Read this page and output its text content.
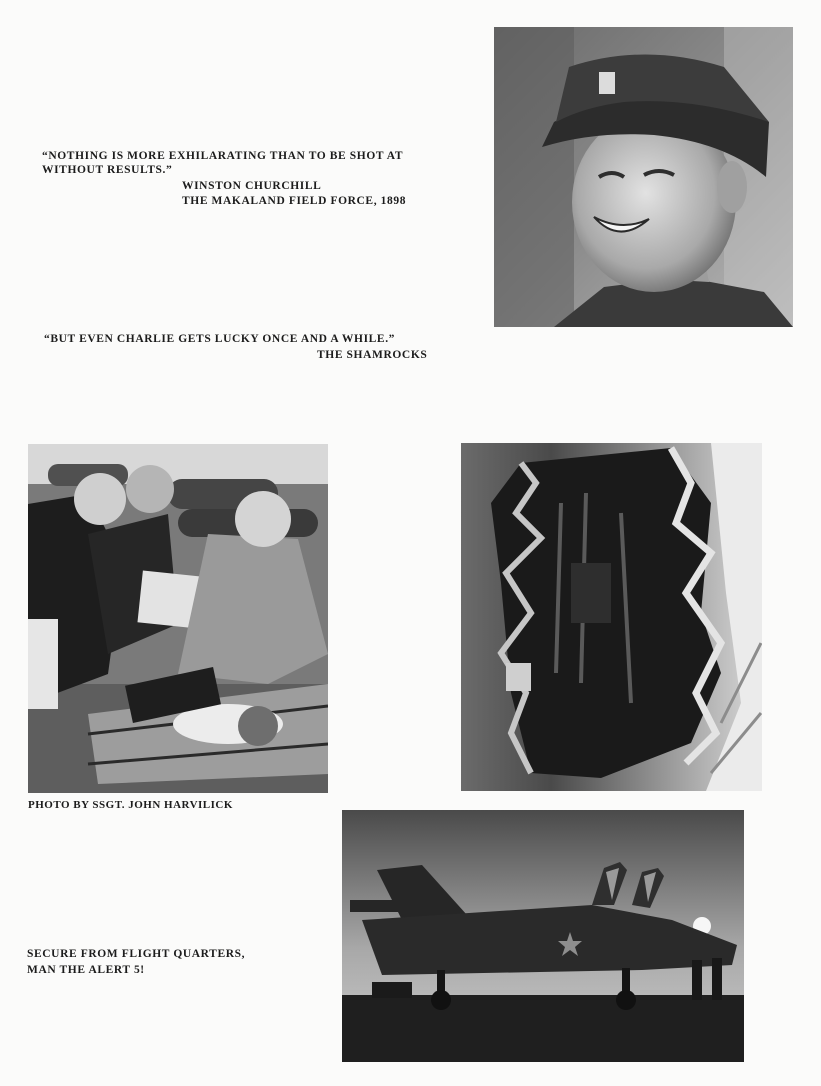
“NOTHING IS MORE EXHILARATING THAN TO BE SHOT AT
WITHOUT RESULTS.”
WINSTON CHURCHILL
THE MAKALAND FIELD FORCE, 1898
“BUT EVEN CHARLIE GETS LUCKY ONCE AND A WHILE.”
THE SHAMROCKS
PHOTO BY SSGT. JOHN HARVILICK
SECURE FROM FLIGHT QUARTERS,
MAN THE ALERT 5!
